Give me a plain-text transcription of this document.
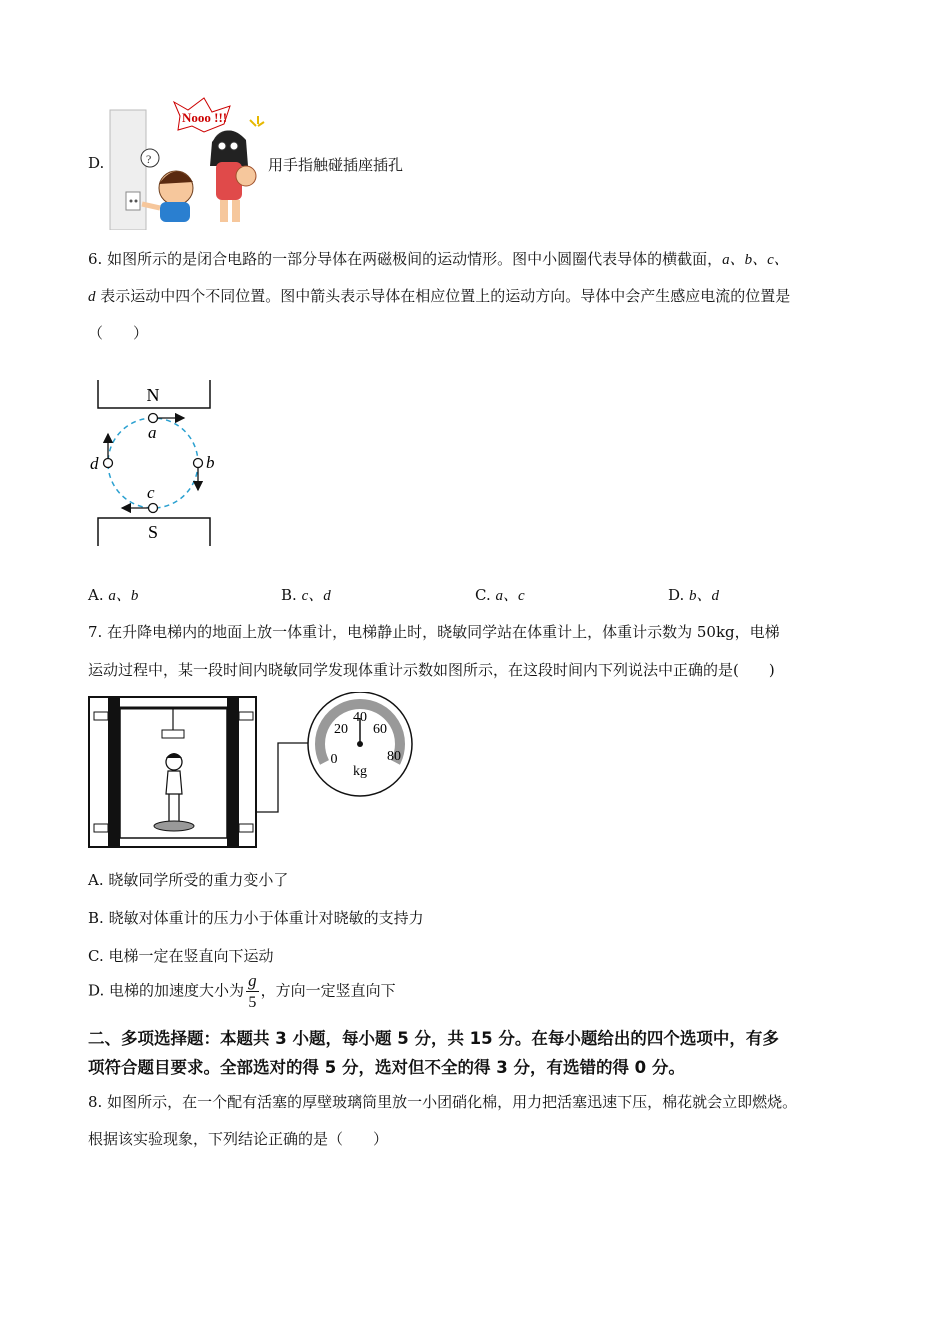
D.	?
Nooo !!!
用手指触碰插座插孔
6. 如图所示的是闭合电路的一部分导体在两磁极间的运动情形。图中小圆圈代表导体的横截面，a、b、c、
d 表示运动中四个不同位置。图中箭头表示导体在相应位置上的运动方向。导体中会产生感应电流的位置是
（　　）
N
S
a
b
c
d
A. a、b	B. c、d	C. a、c	D. b、d
7. 在升降电梯内的地面上放一体重计，电梯静止时，晓敏同学站在体重计上，体重计示数为 50kg，电梯
运动过程中，某一段时间内晓敏同学发现体重计示数如图所示，在这段时间内下列说法中正确的是(　　)
0
20
40
60
80
kg
A. 晓敏同学所受的重力变小了
B. 晓敏对体重计的压力小于体重计对晓敏的支持力
C. 电梯一定在竖直向下运动
D. 电梯的加速度大小为 $\frac{g}{5}$ ，方向一定竖直向下
二、多项选择题：本题共 3 小题，每小题 5 分，共 15 分。在每小题给出的四个选项中，有多
项符合题目要求。全部选对的得 5 分，选对但不全的得 3 分，有选错的得 0 分。
8. 如图所示，在一个配有活塞的厚壁玻璃筒里放一小团硝化棉，用力把活塞迅速下压，棉花就会立即燃烧。
根据该实验现象，下列结论正确的是（　　）
